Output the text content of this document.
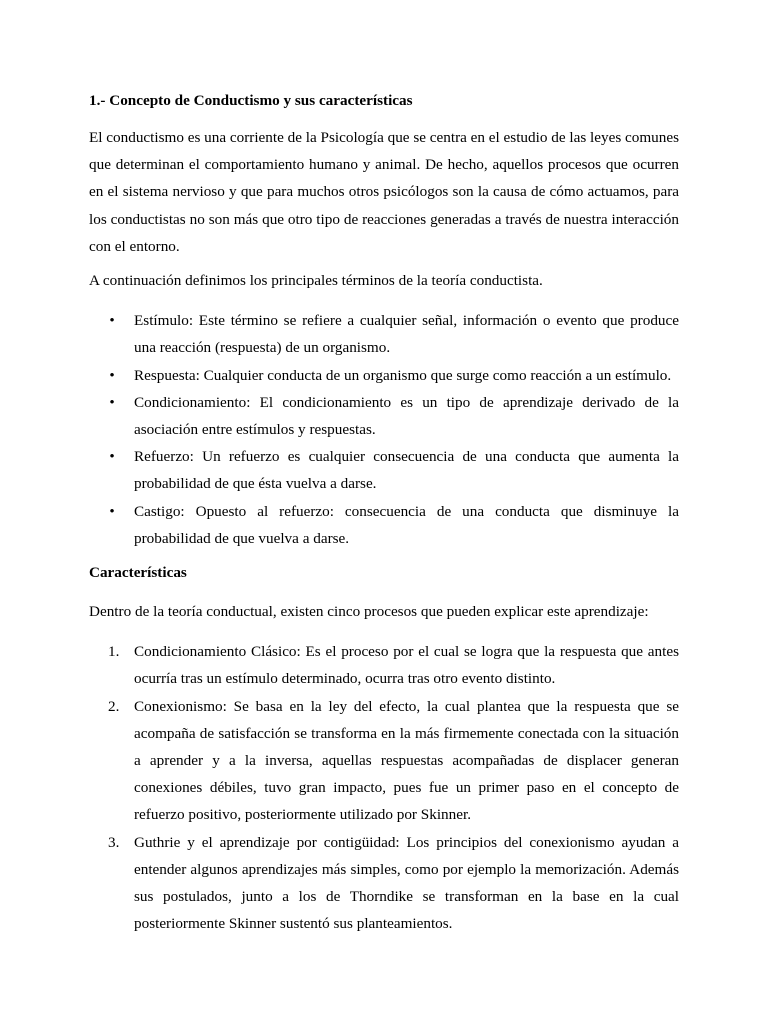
1.- Concepto de Conductismo y sus características

El conductismo es una corriente de la Psicología que se centra en el estudio de las leyes comunes que determinan el comportamiento humano y animal. De hecho, aquellos procesos que ocurren en el sistema nervioso y que para muchos otros psicólogos son la causa de cómo actuamos, para los conductistas no son más que otro tipo de reacciones generadas a través de nuestra interacción con el entorno.

A continuación definimos los principales términos de la teoría conductista.

• Estímulo: Este término se refiere a cualquier señal, información o evento que produce una reacción (respuesta) de un organismo.
• Respuesta: Cualquier conducta de un organismo que surge como reacción a un estímulo.
• Condicionamiento: El condicionamiento es un tipo de aprendizaje derivado de la asociación entre estímulos y respuestas.
• Refuerzo: Un refuerzo es cualquier consecuencia de una conducta que aumenta la probabilidad de que ésta vuelva a darse.
• Castigo: Opuesto al refuerzo: consecuencia de una conducta que disminuye la probabilidad de que vuelva a darse.
Características

Dentro de la teoría conductual, existen cinco procesos que pueden explicar este aprendizaje:

1. Condicionamiento Clásico: Es el proceso por el cual se logra que la respuesta que antes ocurría tras un estímulo determinado, ocurra tras otro evento distinto.
2. Conexionismo: Se basa en la ley del efecto, la cual plantea que la respuesta que se acompaña de satisfacción se transforma en la más firmemente conectada con la situación a aprender y a la inversa, aquellas respuestas acompañadas de displacer generan conexiones débiles, tuvo gran impacto, pues fue un primer paso en el concepto de refuerzo positivo, posteriormente utilizado por Skinner.
3. Guthrie y el aprendizaje por contigüidad: Los principios del conexionismo ayudan a entender algunos aprendizajes más simples, como por ejemplo la memorización. Además sus postulados, junto a los de Thorndike se transforman en la base en la cual posteriormente Skinner sustentó sus planteamientos.
